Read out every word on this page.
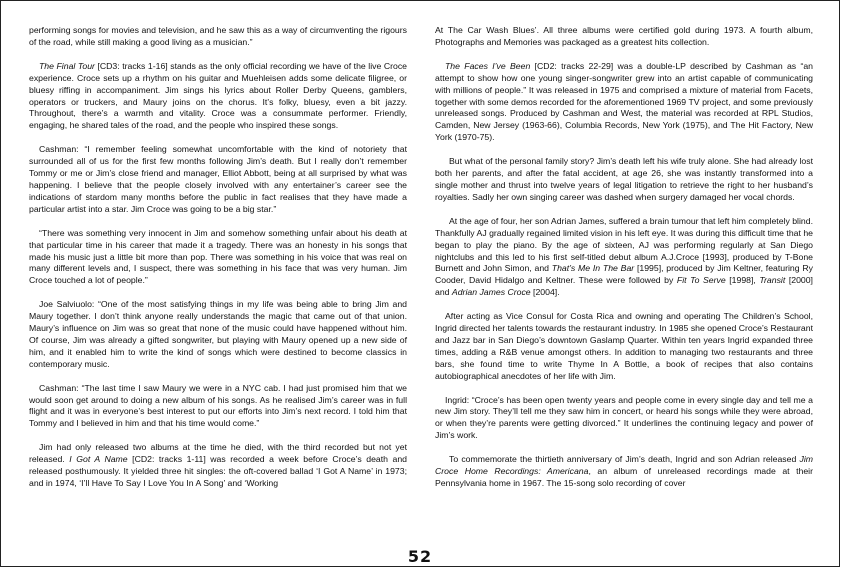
performing songs for movies and television, and he saw this as a way of circumventing the rigours of the road, while still making a good living as a musician.”

The Final Tour [CD3: tracks 1-16] stands as the only official recording we have of the live Croce experience. Croce sets up a rhythm on his guitar and Muehleisen adds some delicate filigree, or bluesy riffing in accompaniment. Jim sings his lyrics about Roller Derby Queens, gamblers, operators or truckers, and Maury joins on the chorus. It’s folky, bluesy, even a bit jazzy. Throughout, there’s a warmth and vitality. Croce was a consummate performer. Friendly, engaging, he shared tales of the road, and the people who inspired these songs.

Cashman: “I remember feeling somewhat uncomfortable with the kind of notoriety that surrounded all of us for the first few months following Jim’s death. But I really don’t remember Tommy or me or Jim’s close friend and manager, Elliot Abbott, being at all surprised by what was happening. I believe that the people closely involved with any entertainer’s career see the indications of stardom many months before the public in fact realises that they have made a particular artist into a star. Jim Croce was going to be a big star.”

“There was something very innocent in Jim and somehow something unfair about his death at that particular time in his career that made it a tragedy. There was an honesty in his songs that made his music just a little bit more than pop. There was something in his voice that was real on many different levels and, I suspect, there was something in his face that was very human. Jim Croce touched a lot of people.”

Joe Salviuolo: “One of the most satisfying things in my life was being able to bring Jim and Maury together. I don’t think anyone really understands the magic that came out of that union. Maury’s influence on Jim was so great that none of the music could have happened without him. Of course, Jim was already a gifted songwriter, but playing with Maury opened up a new side of him, and it enabled him to write the kind of songs which were destined to become classics in contemporary music.

Cashman: “The last time I saw Maury we were in a NYC cab. I had just promised him that we would soon get around to doing a new album of his songs. As he realised Jim’s career was in full flight and it was in everyone’s best interest to put our efforts into Jim’s next record. I told him that Tommy and I believed in him and that his time would come.”

Jim had only released two albums at the time he died, with the third recorded but not yet released. I Got A Name [CD2: tracks 1-11] was recorded a week before Croce’s death and released posthumously. It yielded three hit singles: the oft-covered ballad ‘I Got A Name’ in 1973; and in 1974, ‘I’ll Have To Say I Love You In A Song’ and ‘Working

At The Car Wash Blues’. All three albums were certified gold during 1973. A fourth album, Photographs and Memories was packaged as a greatest hits collection.

The Faces I’ve Been [CD2: tracks 22-29] was a double-LP described by Cashman as “an attempt to show how one young singer-songwriter grew into an artist capable of communicating with millions of people.” It was released in 1975 and comprised a mixture of material from Facets, together with some demos recorded for the aforementioned 1969 TV project, and some previously unreleased songs. Produced by Cashman and West, the material was recorded at RPL Studios, Camden, New Jersey (1963-66), Columbia Records, New York (1975), and The Hit Factory, New York (1970-75).

But what of the personal family story? Jim’s death left his wife truly alone. She had already lost both her parents, and after the fatal accident, at age 26, she was instantly transformed into a single mother and thrust into twelve years of legal litigation to retrieve the right to her husband’s royalties. Sadly her own singing career was dashed when surgery damaged her vocal chords.

At the age of four, her son Adrian James, suffered a brain tumour that left him completely blind. Thankfully AJ gradually regained limited vision in his left eye. It was during this difficult time that he began to play the piano. By the age of sixteen, AJ was performing regularly at San Diego nightclubs and this led to his first self-titled debut album A.J.Croce [1993], produced by T-Bone Burnett and John Simon, and That’s Me In The Bar [1995], produced by Jim Keltner, featuring Ry Cooder, David Hidalgo and Keltner. These were followed by Fit To Serve [1998], Transit [2000] and Adrian James Croce [2004].

After acting as Vice Consul for Costa Rica and owning and operating The Children’s School, Ingrid directed her talents towards the restaurant industry. In 1985 she opened Croce’s Restaurant and Jazz bar in San Diego’s downtown Gaslamp Quarter. Within ten years Ingrid expanded three times, adding a R&B venue amongst others. In addition to managing two restaurants and three bars, she found time to write Thyme In A Bottle, a book of recipes that also contains autobiographical anecdotes of her life with Jim.

Ingrid: “Croce’s has been open twenty years and people come in every single day and tell me a new Jim story. They’ll tell me they saw him in concert, or heard his songs while they were abroad, or when they’re parents were getting divorced.” It underlines the continuing legacy and power of Jim’s work.

To commemorate the thirtieth anniversary of Jim’s death, Ingrid and son Adrian released Jim Croce Home Recordings: Americana, an album of unreleased recordings made at their Pennsylvania home in 1967. The 15-song solo recording of cover

52
